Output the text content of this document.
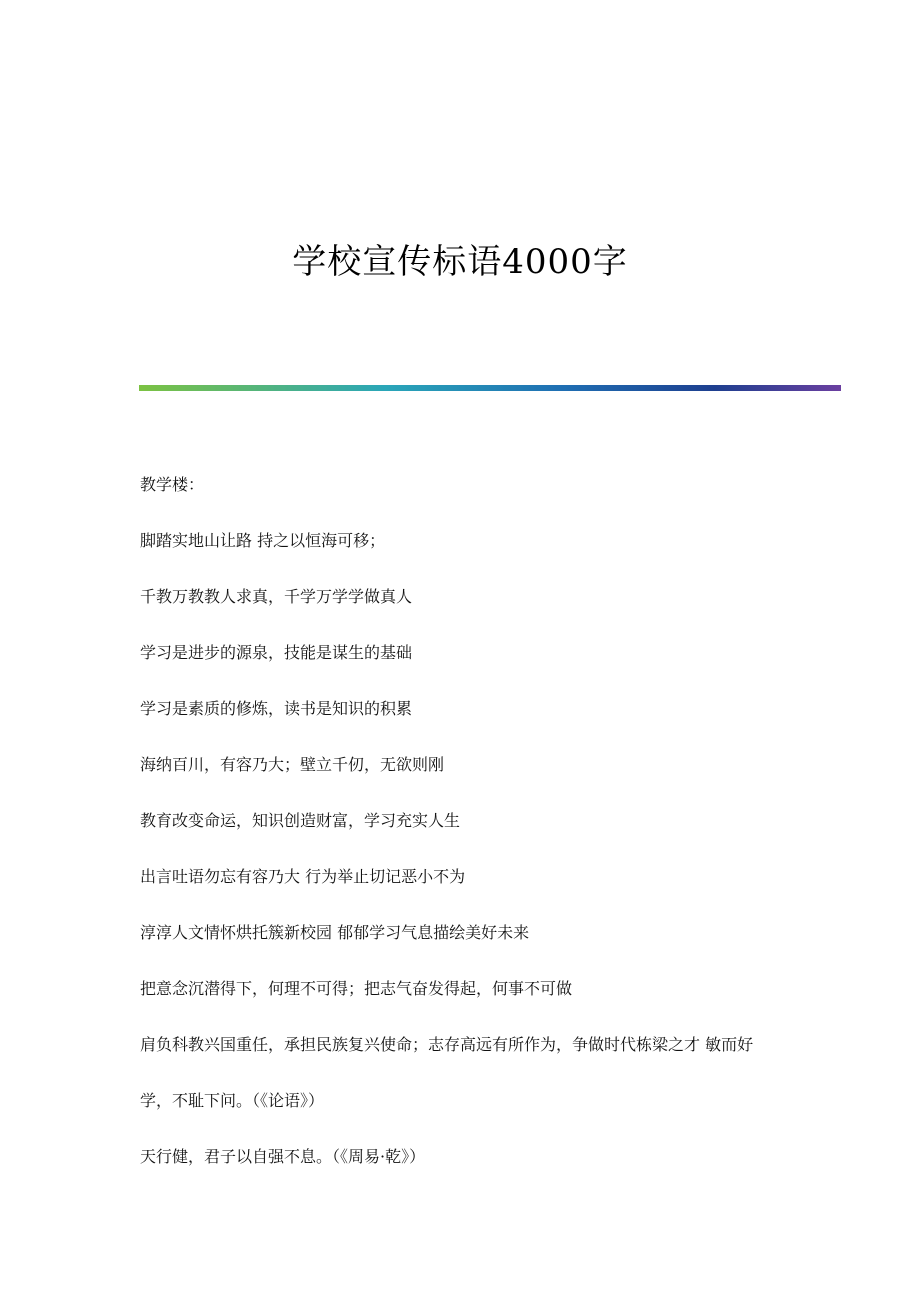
学校宣传标语4000字
教学楼：
脚踏实地山让路 持之以恒海可移；
千教万教教人求真，千学万学学做真人
学习是进步的源泉，技能是谋生的基础
学习是素质的修炼，读书是知识的积累
海纳百川，有容乃大；壁立千仞，无欲则刚
教育改变命运，知识创造财富，学习充实人生
出言吐语勿忘有容乃大 行为举止切记恶小不为
淳淳人文情怀烘托簇新校园 郁郁学习气息描绘美好未来
把意念沉潜得下，何理不可得；把志气奋发得起，何事不可做
肩负科教兴国重任，承担民族复兴使命；志存高远有所作为，争做时代栋梁之才 敏而好学，不耻下问。（《论语》）
天行健，君子以自强不息。（《周易·乾》）
